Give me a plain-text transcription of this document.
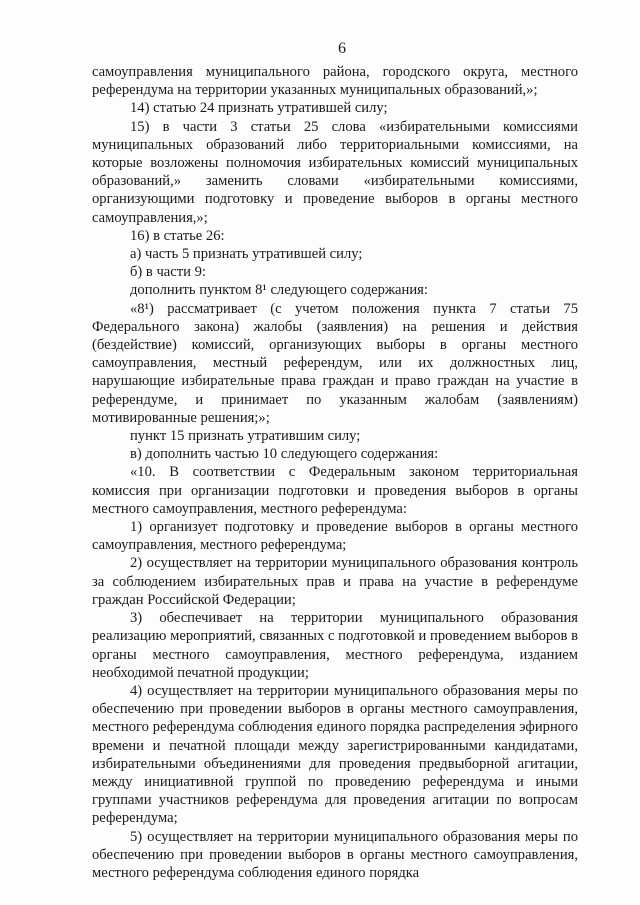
6

самоуправления муниципального района, городского округа, местного референдума на территории указанных муниципальных образований,»;

14) статью 24 признать утратившей силу;

15) в части 3 статьи 25 слова «избирательными комиссиями муниципальных образований либо территориальными комиссиями, на которые возложены полномочия избирательных комиссий муниципальных образований,» заменить словами «избирательными комиссиями, организующими подготовку и проведение выборов в органы местного самоуправления,»;

16) в статье 26:

а) часть 5 признать утратившей силу;

б) в части 9:

дополнить пунктом 8¹ следующего содержания:

«8¹) рассматривает (с учетом положения пункта 7 статьи 75 Федерального закона) жалобы (заявления) на решения и действия (бездействие) комиссий, организующих выборы в органы местного самоуправления, местный референдум, или их должностных лиц, нарушающие избирательные права граждан и право граждан на участие в референдуме, и принимает по указанным жалобам (заявлениям) мотивированные решения;»;

пункт 15 признать утратившим силу;

в) дополнить частью 10 следующего содержания:

«10. В соответствии с Федеральным законом территориальная комиссия при организации подготовки и проведения выборов в органы местного самоуправления, местного референдума:

1) организует подготовку и проведение выборов в органы местного самоуправления, местного референдума;

2) осуществляет на территории муниципального образования контроль за соблюдением избирательных прав и права на участие в референдуме граждан Российской Федерации;

3) обеспечивает на территории муниципального образования реализацию мероприятий, связанных с подготовкой и проведением выборов в органы местного самоуправления, местного референдума, изданием необходимой печатной продукции;

4) осуществляет на территории муниципального образования меры по обеспечению при проведении выборов в органы местного самоуправления, местного референдума соблюдения единого порядка распределения эфирного времени и печатной площади между зарегистрированными кандидатами, избирательными объединениями для проведения предвыборной агитации, между инициативной группой по проведению референдума и иными группами участников референдума для проведения агитации по вопросам референдума;

5) осуществляет на территории муниципального образования меры по обеспечению при проведении выборов в органы местного самоуправления, местного референдума соблюдения единого порядка
